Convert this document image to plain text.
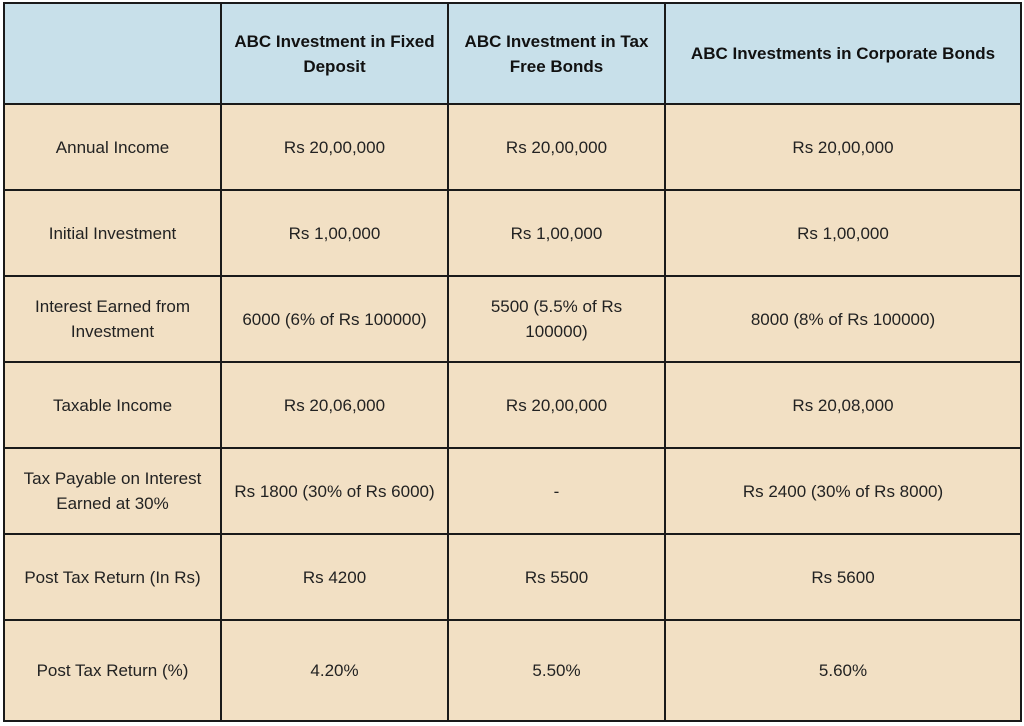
	ABC Investment in Fixed Deposit	ABC Investment in Tax Free Bonds	ABC Investments in Corporate Bonds
Annual Income	Rs 20,00,000	Rs 20,00,000	Rs 20,00,000
Initial Investment	Rs 1,00,000	Rs 1,00,000	Rs 1,00,000
Interest Earned from Investment	6000 (6% of Rs 100000)	5500 (5.5% of Rs 100000)	8000 (8% of Rs 100000)
Taxable Income	Rs 20,06,000	Rs 20,00,000	Rs 20,08,000
Tax Payable on Interest Earned at 30%	Rs 1800 (30% of Rs 6000)	-	Rs 2400 (30% of Rs 8000)
Post Tax Return (In Rs)	Rs 4200	Rs 5500	Rs 5600
Post Tax Return (%)	4.20%	5.50%	5.60%
